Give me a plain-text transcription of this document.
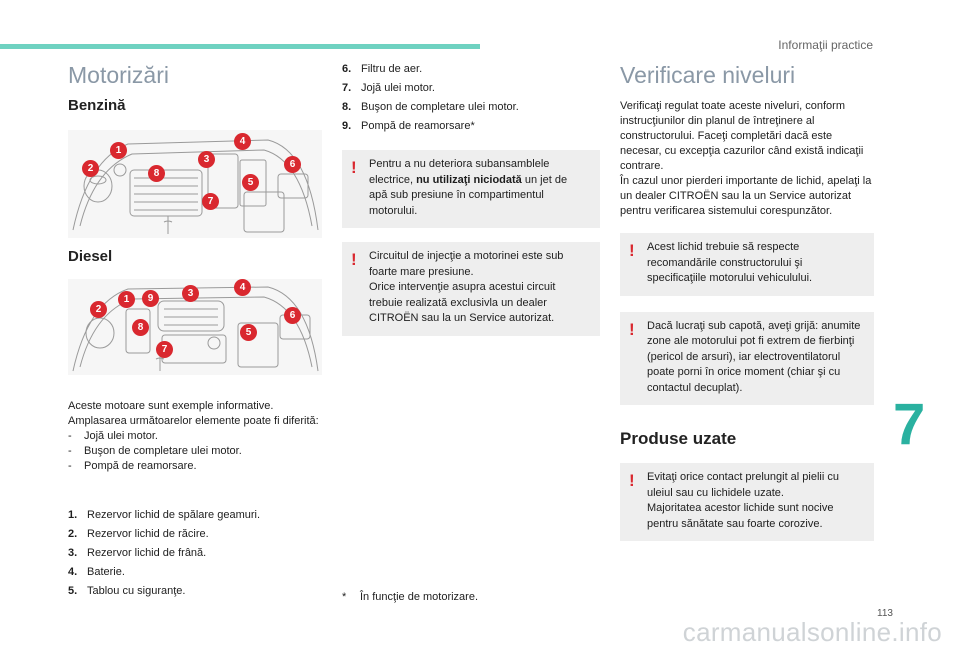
Informaţii practice
Motorizări
Benzină
1
2
3
4
5
6
7
8
Diesel
1
2
3
4
5
6
7
8
9

Aceste motoare sunt exemple informative. Amplasarea următoarelor elemente poate fi diferită:

-	Jojă ulei motor.
-	Buşon de completare ulei motor.
-	Pompă de reamorsare.
1. Rezervor lichid de spălare geamuri.
2. Rezervor lichid de răcire.
3. Rezervor lichid de frână.
4. Baterie.
5. Tablou cu siguranţe.
6. Filtru de aer.
7. Jojă ulei motor.
8. Buşon de completare ulei motor.
9. Pompă de reamorsare*
! Pentru a nu deteriora subansamblele electrice, nu utilizaţi niciodată un jet de apă sub presiune în compartimentul motorului.

! Circuitul de injecţie a motorinei este sub foarte mare presiune.
Orice intervenţie asupra acestui circuit trebuie realizată exclusivla un dealer CITROËN sau la un Service autorizat.

*	În funcţie de motorizare.

Verificare niveluri

Verificaţi regulat toate aceste niveluri, conform instrucţiunilor din planul de întreţinere al constructorului. Faceţi completări dacă este necesar, cu excepţia cazurilor când există indicaţii contrare.
În cazul unor pierderi importante de lichid, apelaţi la un dealer CITROËN sau la un Service autorizat pentru verificarea sistemului corespunzător.

! Acest lichid trebuie să respecte recomandările constructorului şi specificaţiile motorului vehiculului.

! Dacă lucraţi sub capotă, aveţi grijă: anumite zone ale motorului pot fi extrem de fierbinţi (pericol de arsuri), iar electroventilatorul poate porni în orice moment (chiar şi cu contactul decuplat).

Produse uzate
! Evitaţi orice contact prelungit al pielii cu uleiul sau cu lichidele uzate.
Majoritatea acestor lichide sunt nocive pentru sănătate sau foarte corozive.

7
113
carmanualsonline.info
